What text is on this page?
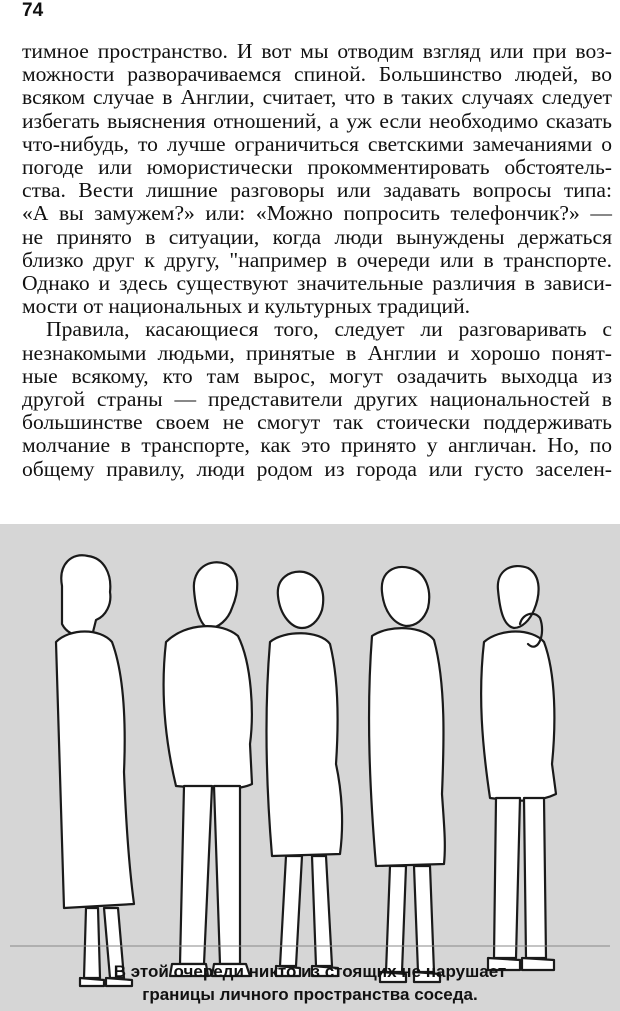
74
тимное пространство. И вот мы отводим взгляд или при воз-
можности разворачиваемся спиной. Большинство людей, во
всяком случае в Англии, считает, что в таких случаях следует
избегать выяснения отношений, а уж если необходимо сказать
что-нибудь, то лучше ограничиться светскими замечаниями о
погоде или юмористически прокомментировать обстоятель-
ства. Вести лишние разговоры или задавать вопросы типа:
«А вы замужем?» или: «Можно попросить телефончик?» —
не принято в ситуации, когда люди вынуждены держаться
близко друг к другу, "например в очереди или в транспорте.
Однако и здесь существуют значительные различия в зависи-
мости от национальных и культурных традиций.
Правила, касающиеся того, следует ли разговаривать с
незнакомыми людьми, принятые в Англии и хорошо понят-
ные всякому, кто там вырос, могут озадачить выходца из
другой страны — представители других национальностей в
большинстве своем не смогут так стоически поддерживать
молчание в транспорте, как это принято у англичан. Но, по
общему правилу, люди родом из города или густо заселен-
В этой очереди никто из стоящих не нарушает
границы личного пространства соседа.
